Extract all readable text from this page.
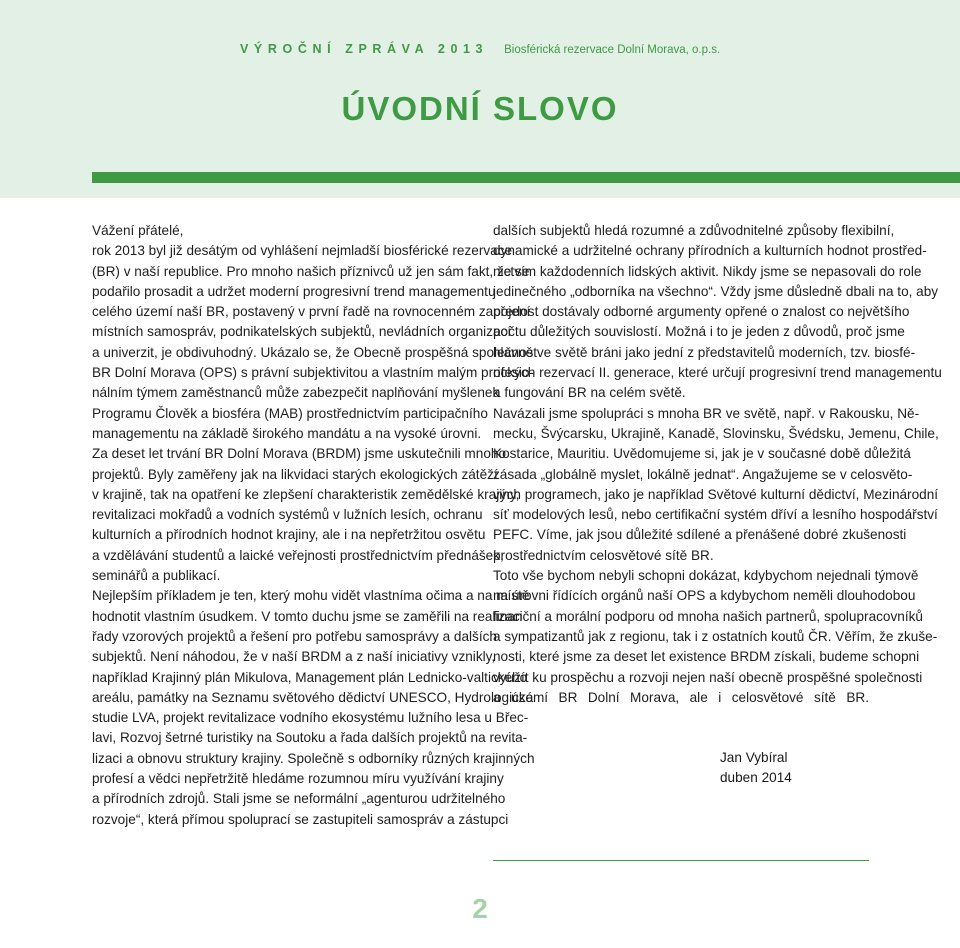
VÝROČNÍ ZPRÁVA 2013 Biosférická rezervace Dolní Morava, o.p.s.
ÚVODNÍ SLOVO
Vážení přátelé,
rok 2013 byl již desátým od vyhlášení nejmladší biosférické rezervace
(BR) v naší republice. Pro mnoho našich příznivců už jen sám fakt, že se
podařilo prosadit a udržet moderní progresivní trend managementu
celého území naší BR, postavený v první řadě na rovnocenném zapojení
místních samospráv, podnikatelských subjektů, nevládních organizací
a univerzit, je obdivuhodný. Ukázalo se, že Obecně prospěšná společnost
BR Dolní Morava (OPS) s právní subjektivitou a vlastním malým profesio-
nálním týmem zaměstnanců může zabezpečit naplňování myšlenek
Programu Člověk a biosféra (MAB) prostřednictvím participačního
managementu na základě širokého mandátu a na vysoké úrovni.
Za deset let trvání BR Dolní Morava (BRDM) jsme uskutečnili mnoho
projektů. Byly zaměřeny jak na likvidaci starých ekologických zátěží
v krajině, tak na opatření ke zlepšení charakteristik zemědělské krajiny,
revitalizaci mokřadů a vodních systémů v lužních lesích, ochranu
kulturních a přírodních hodnot krajiny, ale i na nepřetržitou osvětu
a vzdělávání studentů a laické veřejnosti prostřednictvím přednášek,
seminářů a publikací.
Nejlepším příkladem je ten, který mohu vidět vlastníma očima a na místě
hodnotit vlastním úsudkem. V tomto duchu jsme se zaměřili na realizaci
řady vzorových projektů a řešení pro potřebu samosprávy a dalších
subjektů. Není náhodou, že v naší BRDM a z naší iniciativy vznikly,
například Krajinný plán Mikulova, Management plán Lednicko-valtického
areálu, památky na Seznamu světového dědictví UNESCO, Hydrologická
studie LVA, projekt revitalizace vodního ekosystému lužního lesa u Břec-
lavi, Rozvoj šetrné turistiky na Soutoku a řada dalších projektů na revita-
lizaci a obnovu struktury krajiny. Společně s odborníky různých krajinných
profesí a vědci nepřetržitě hledáme rozumnou míru využívání krajiny
a přírodních zdrojů. Stali jsme se neformální „agenturou udržitelného
rozvoje“, která přímou spoluprací se zastupiteli samospráv a zástupci
dalších subjektů hledá rozumné a zdůvodnitelné způsoby flexibilní,
dynamické a udržitelné ochrany přírodních a kulturních hodnot prostřed-
nictvím každodenních lidských aktivit. Nikdy jsme se nepasovali do role
jedinečného „odborníka na všechno“. Vždy jsme důsledně dbali na to, aby
předost dostávaly odborné argumenty opřené o znalost co největšího
počtu důležitých souvislostí. Možná i to je jeden z důvodů, proč jsme
hlavně ve světě bráni jako jední z představitelů moderních, tzv. biosfé-
rických rezervací II. generace, které určují progresivní trend managementu
a fungování BR na celém světě.
Navázali jsme spolupráci s mnoha BR ve světě, např. v Rakousku, Ně-
mecku, Švýcarsku, Ukrajině, Kanadě, Slovinsku, Švédsku, Jemenu, Chile,
Kostarice, Mauritiu. Uvědomujeme si, jak je v současné době důležitá
zásada „globálně myslet, lokálně jednat“. Angažujeme se v celosvěto-
vých programech, jako je například Světové kulturní dědictví, Mezinárodní
síť modelových lesů, nebo certifikační systém dříví a lesního hospodářství
PEFC. Víme, jak jsou důležité sdílené a přenášené dobré zkušenosti
prostřednictvím celosvětové sítě BR.
Toto vše bychom nebyli schopni dokázat, kdybychom nejednali týmově
na úrovni řídících orgánů naší OPS a kdybychom neměli dlouhodobou
finanční a morální podporu od mnoha našich partnerů, spolupracovníků
a sympatizantů jak z regionu, tak i z ostatních koutů ČR. Věřím, že zkuše-
nosti, které jsme za deset let existence BRDM získali, budeme schopni
využít ku prospěchu a rozvoji nejen naší obecně prospěšné společnosti
a území BR Dolní Morava, ale i celosvětové sítě BR.
Jan Vybíral
duben 2014
2
